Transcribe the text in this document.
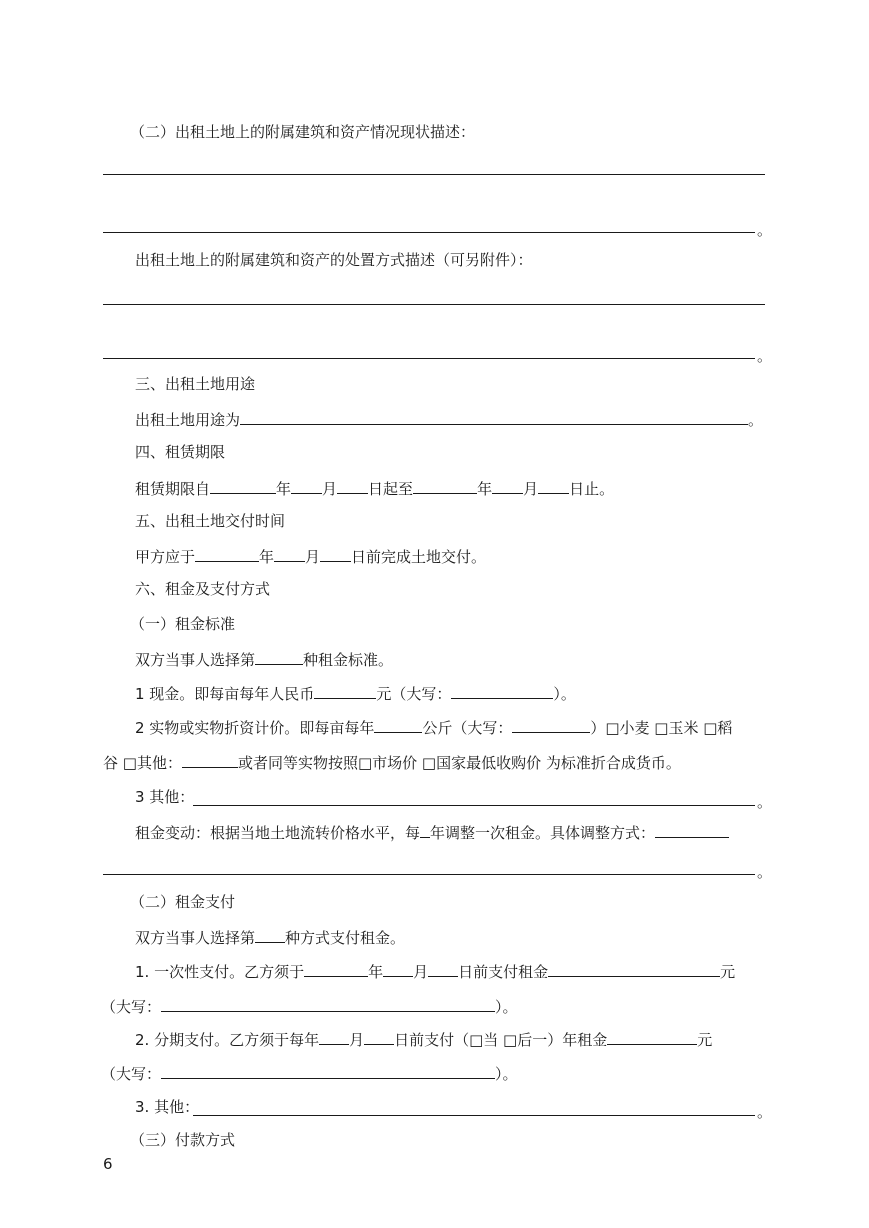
（二）出租土地上的附属建筑和资产情况现状描述：
。
出租土地上的附属建筑和资产的处置方式描述（可另附件）：
。
三、出租土地用途
出租土地用途为	。
四、租赁期限
租赁期限自	年 月 日起至	年 月 日止。
五、出租土地交付时间
甲方应于	年 月 日前完成土地交付。
六、租金及支付方式
（一）租金标准
双方当事人选择第	种租金标准。
1 现金。即每亩每年人民币	元（大写：	）。
2 实物或实物折资计价。即每亩每年	公斤（大写：	）□小麦 □玉米 □稻
谷 □其他：	或者同等实物按照□市场价 □国家最低收购价 为标准折合成货币。
3 其他：	。
租金变动：根据当地土地流转价格水平，每 年调整一次租金。具体调整方式：
。
（二）租金支付
双方当事人选择第 种方式支付租金。
1. 一次性支付。乙方须于	年 月 日前支付租金	元
（大写：	）。
2. 分期支付。乙方须于每年 月 日前支付（□当 □后一）年租金	元
（大写：	）。
3. 其他：	。
（三）付款方式
6
